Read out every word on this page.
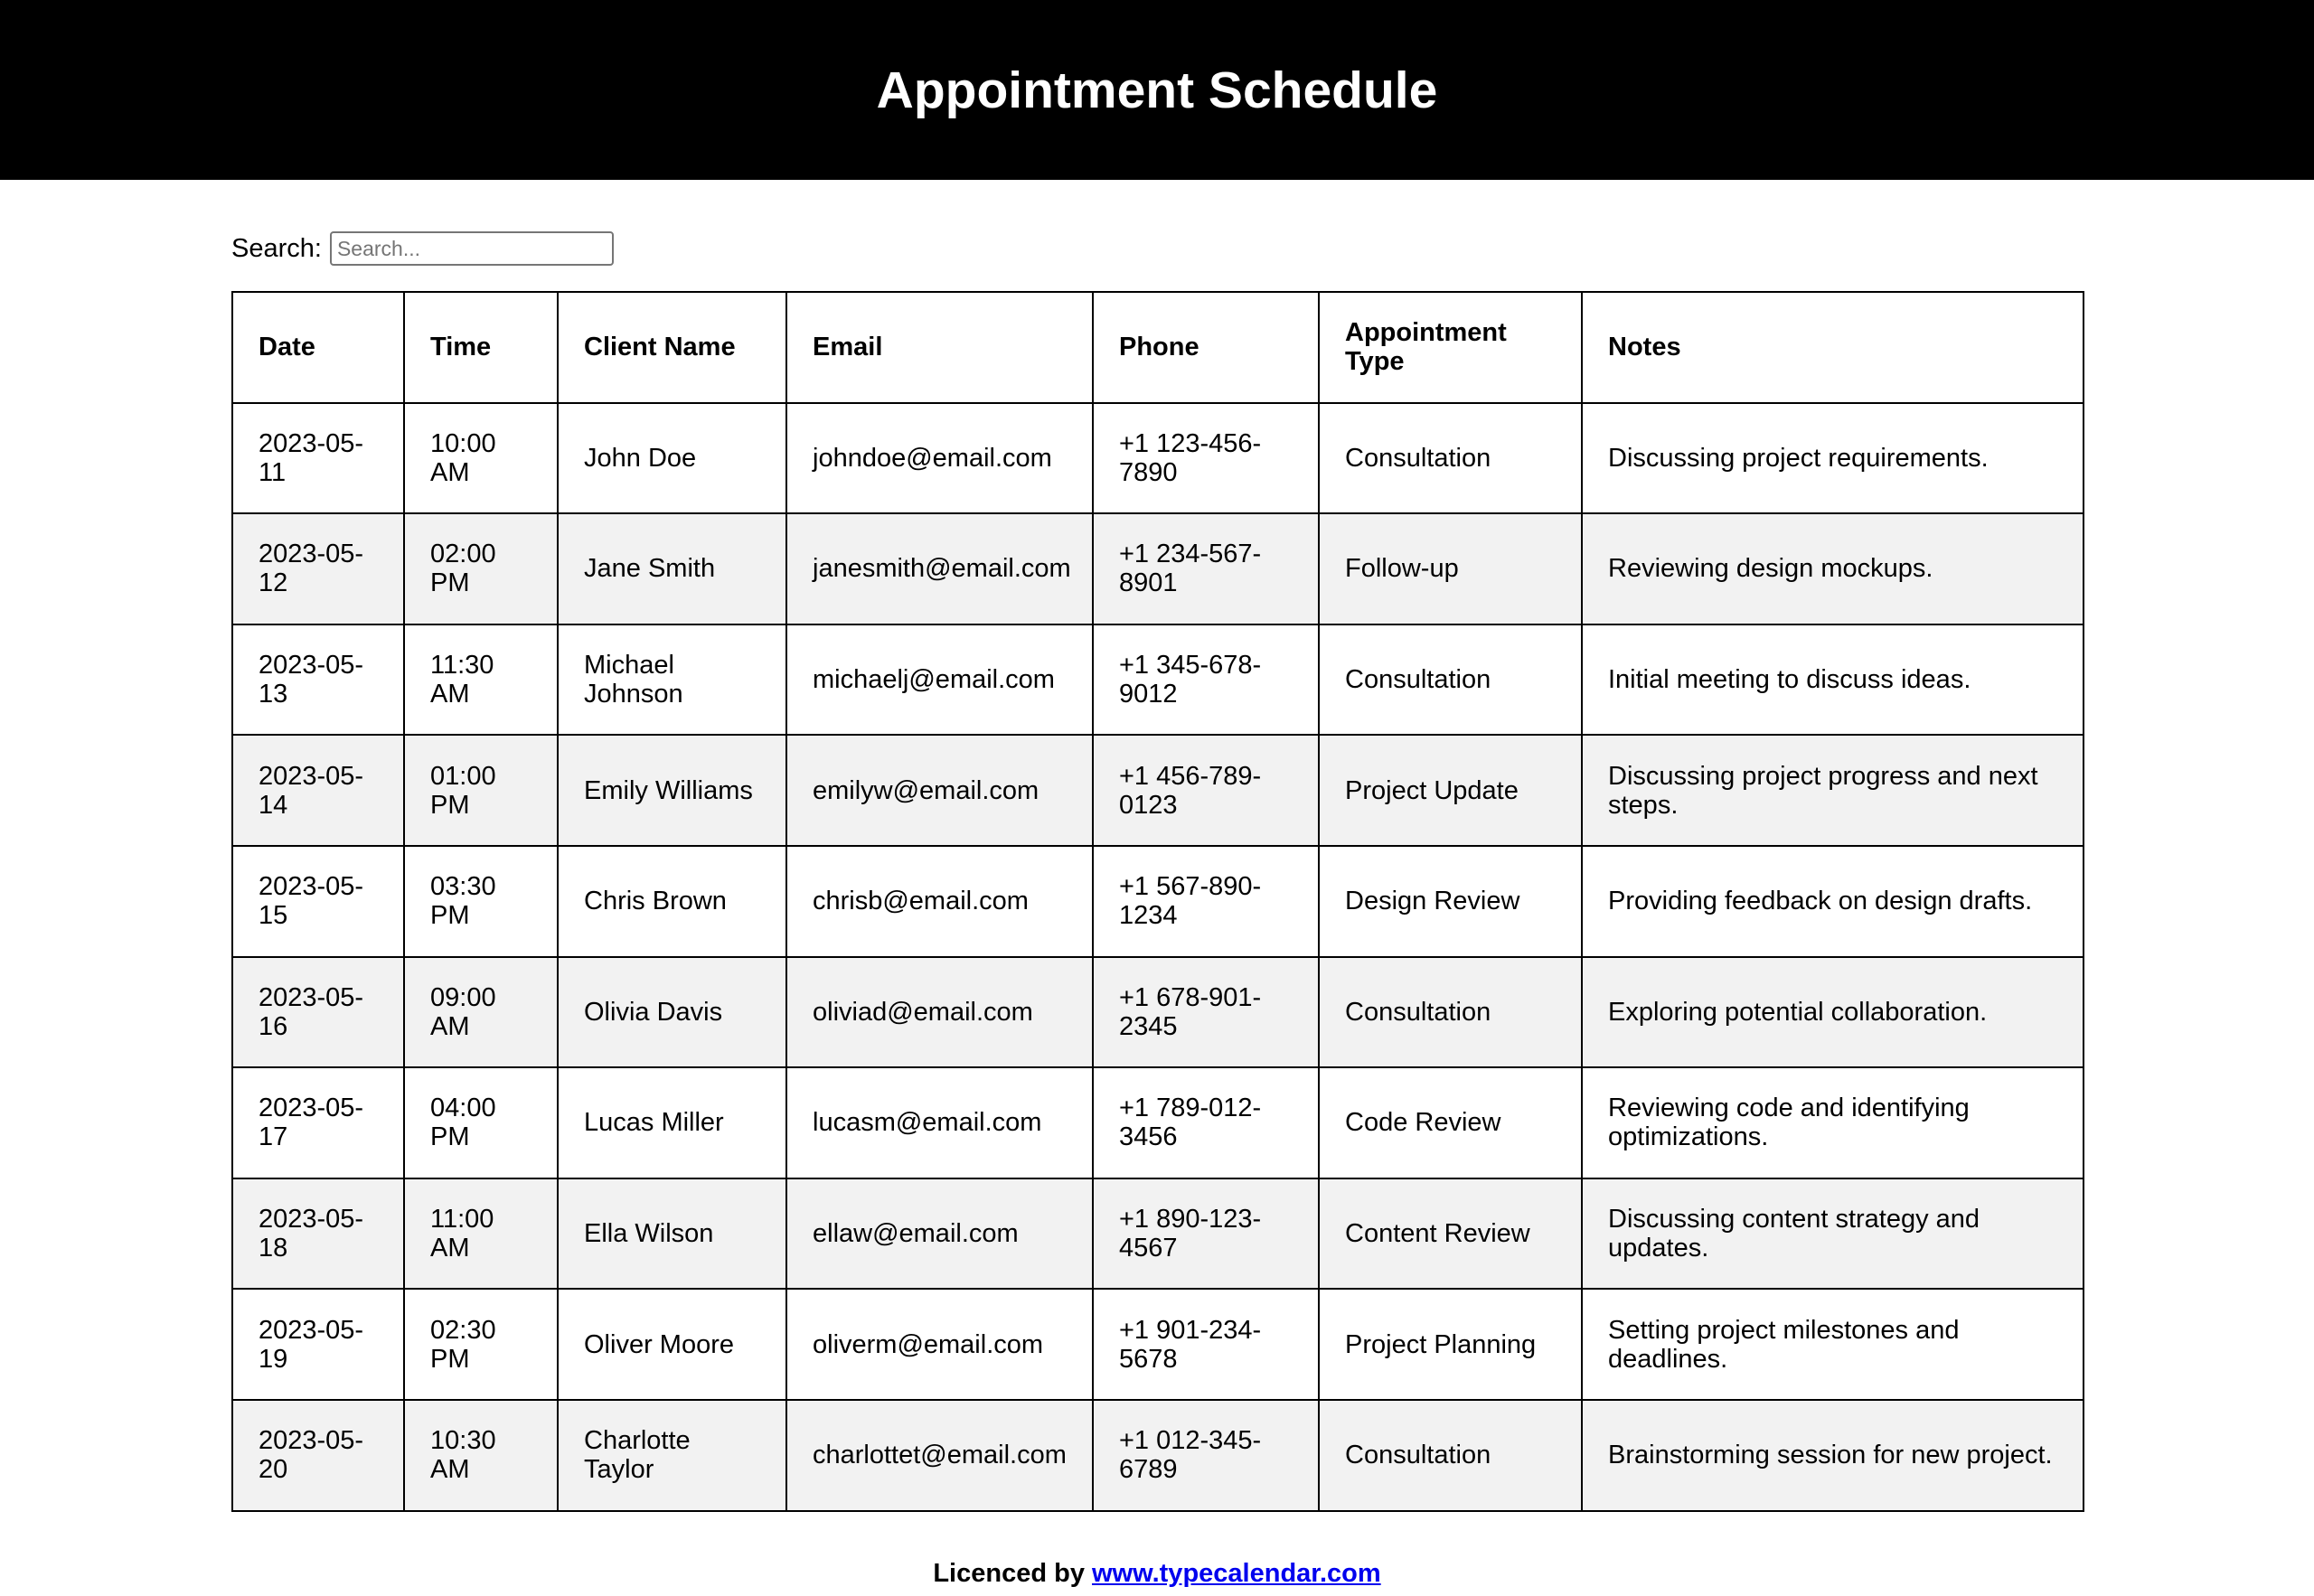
Appointment Schedule
Search:
Search...
Date	Time	Client Name	Email	Phone	Appointment Type	Notes
2023-05-11	10:00 AM	John Doe	johndoe@email.com	+1 123-456-7890	Consultation	Discussing project requirements.
2023-05-12	02:00 PM	Jane Smith	janesmith@email.com	+1 234-567-8901	Follow-up	Reviewing design mockups.
2023-05-13	11:30 AM	Michael Johnson	michaelj@email.com	+1 345-678-9012	Consultation	Initial meeting to discuss ideas.
2023-05-14	01:00 PM	Emily Williams	emilyw@email.com	+1 456-789-0123	Project Update	Discussing project progress and next steps.
2023-05-15	03:30 PM	Chris Brown	chrisb@email.com	+1 567-890-1234	Design Review	Providing feedback on design drafts.
2023-05-16	09:00 AM	Olivia Davis	oliviad@email.com	+1 678-901-2345	Consultation	Exploring potential collaboration.
2023-05-17	04:00 PM	Lucas Miller	lucasm@email.com	+1 789-012-3456	Code Review	Reviewing code and identifying optimizations.
2023-05-18	11:00 AM	Ella Wilson	ellaw@email.com	+1 890-123-4567	Content Review	Discussing content strategy and updates.
2023-05-19	02:30 PM	Oliver Moore	oliverm@email.com	+1 901-234-5678	Project Planning	Setting project milestones and deadlines.
2023-05-20	10:30 AM	Charlotte Taylor	charlottet@email.com	+1 012-345-6789	Consultation	Brainstorming session for new project.
Licenced by www.typecalendar.com
